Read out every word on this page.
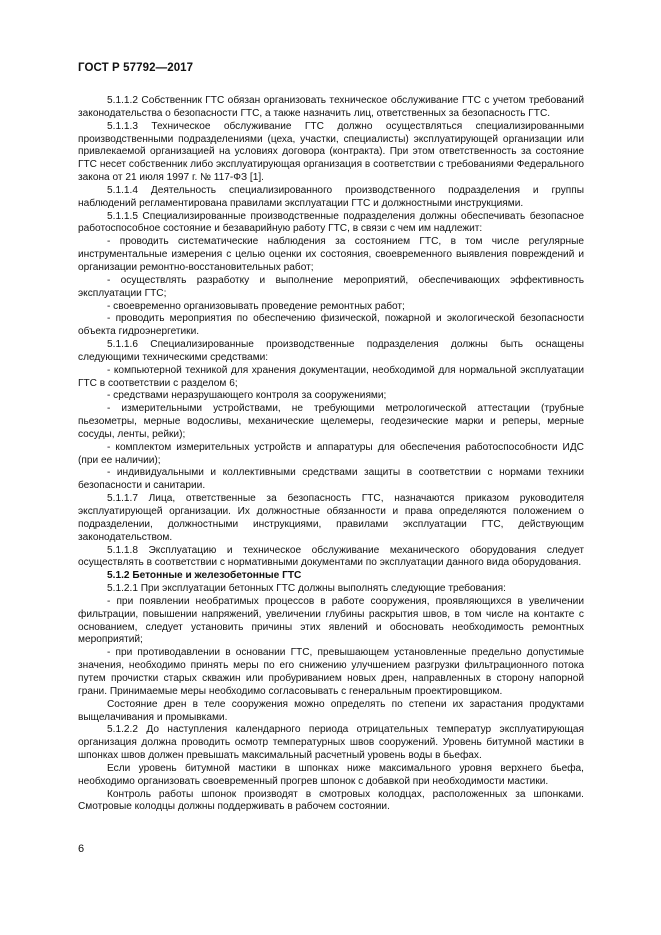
ГОСТ Р 57792—2017

5.1.1.2 Собственник ГТС обязан организовать техническое обслуживание ГТС с учетом требований законодательства о безопасности ГТС, а также назначить лиц, ответственных за безопасность ГТС.

5.1.1.3 Техническое обслуживание ГТС должно осуществляться специализированными производственными подразделениями (цеха, участки, специалисты) эксплуатирующей организации или привлекаемой организацией на условиях договора (контракта). При этом ответственность за состояние ГТС несет собственник либо эксплуатирующая организация в соответствии с требованиями Федерального закона от 21 июля 1997 г. № 117-ФЗ [1].

5.1.1.4 Деятельность специализированного производственного подразделения и группы наблюдений регламентирована правилами эксплуатации ГТС и должностными инструкциями.

5.1.1.5 Специализированные производственные подразделения должны обеспечивать безопасное работоспособное состояние и безаварийную работу ГТС, в связи с чем им надлежит:

- проводить систематические наблюдения за состоянием ГТС, в том числе регулярные инструментальные измерения с целью оценки их состояния, своевременного выявления повреждений и организации ремонтно-восстановительных работ;

- осуществлять разработку и выполнение мероприятий, обеспечивающих эффективность эксплуатации ГТС;

- своевременно организовывать проведение ремонтных работ;

- проводить мероприятия по обеспечению физической, пожарной и экологической безопасности объекта гидроэнергетики.

5.1.1.6 Специализированные производственные подразделения должны быть оснащены следующими техническими средствами:

- компьютерной техникой для хранения документации, необходимой для нормальной эксплуатации ГТС в соответствии с разделом 6;

- средствами неразрушающего контроля за сооружениями;

- измерительными устройствами, не требующими метрологической аттестации (трубные пьезометры, мерные водосливы, механические щелемеры, геодезические марки и реперы, мерные сосуды, ленты, рейки);

- комплектом измерительных устройств и аппаратуры для обеспечения работоспособности ИДС (при ее наличии);

- индивидуальными и коллективными средствами защиты в соответствии с нормами техники безопасности и санитарии.

5.1.1.7 Лица, ответственные за безопасность ГТС, назначаются приказом руководителя эксплуатирующей организации. Их должностные обязанности и права определяются положением о подразделении, должностными инструкциями, правилами эксплуатации ГТС, действующим законодательством.

5.1.1.8 Эксплуатацию и техническое обслуживание механического оборудования следует осуществлять в соответствии с нормативными документами по эксплуатации данного вида оборудования.

5.1.2 Бетонные и железобетонные ГТС

5.1.2.1 При эксплуатации бетонных ГТС должны выполнять следующие требования:

- при появлении необратимых процессов в работе сооружения, проявляющихся в увеличении фильтрации, повышении напряжений, увеличении глубины раскрытия швов, в том числе на контакте с основанием, следует установить причины этих явлений и обосновать необходимость ремонтных мероприятий;

- при противодавлении в основании ГТС, превышающем установленные предельно допустимые значения, необходимо принять меры по его снижению улучшением разгрузки фильтрационного потока путем прочистки старых скважин или пробуриванием новых дрен, направленных в сторону напорной грани. Принимаемые меры необходимо согласовывать с генеральным проектировщиком.

Состояние дрен в теле сооружения можно определять по степени их зарастания продуктами выщелачивания и промывками.

5.1.2.2 До наступления календарного периода отрицательных температур эксплуатирующая организация должна проводить осмотр температурных швов сооружений. Уровень битумной мастики в шпонках швов должен превышать максимальный расчетный уровень воды в бьефах.

Если уровень битумной мастики в шпонках ниже максимального уровня верхнего бьефа, необходимо организовать своевременный прогрев шпонок с добавкой при необходимости мастики.

Контроль работы шпонок производят в смотровых колодцах, расположенных за шпонками. Смотровые колодцы должны поддерживать в рабочем состоянии.

6
